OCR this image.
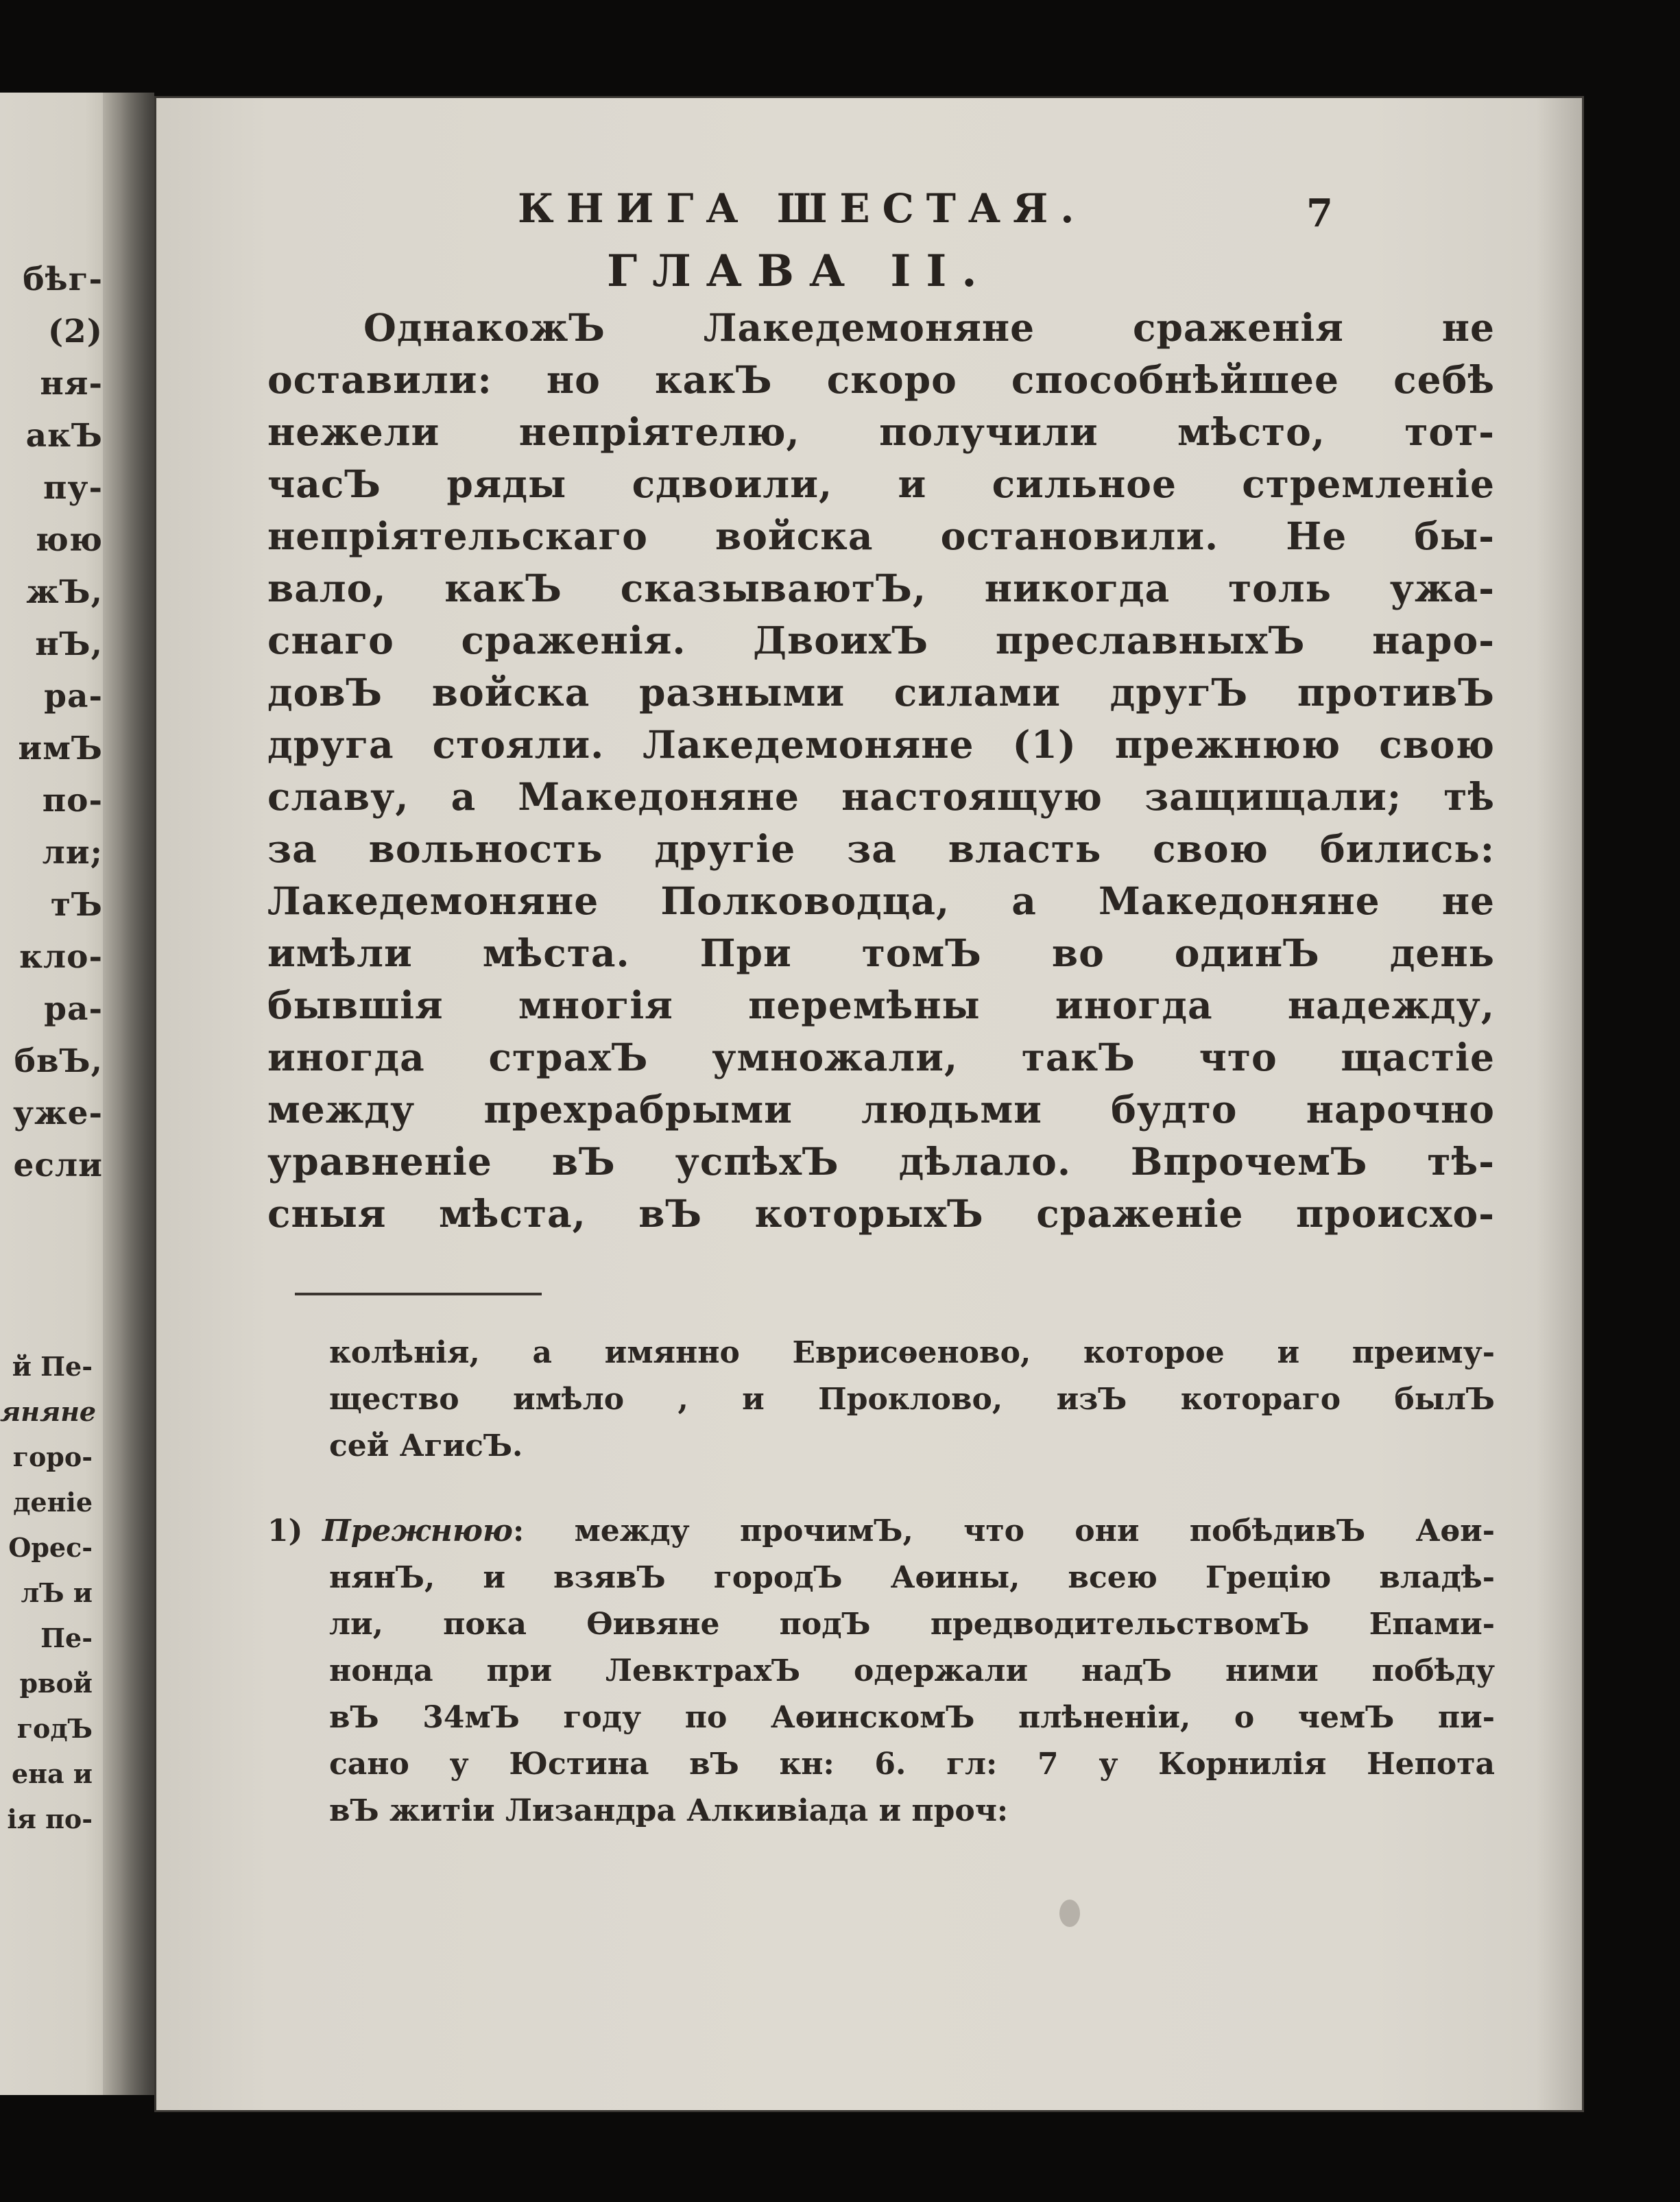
бѣг-
(2)
ня-
акЪ
пу-
юю
жЪ,
нЪ,
ра-
имЪ
по-
ли;
тЪ
кло-
ра-
бвЪ,
уже-
если
й Пе-
яняне
горо-
деніе
Орес-
лЪ и
Пе-
рвой
годЪ
ена и
ія по-
КНИГА ШЕСТАЯ.	7
ГЛАВА II.
ОднакожЪ Лакедемоняне сраженія не
оставили: но какЪ скоро способнѣйшее себѣ
нежели непріятелю, получили мѣсто, тот-
часЪ ряды сдвоили, и сильное стремленіе
непріятельскаго войска остановили. Не бы-
вало, какЪ сказываютЪ, никогда толь ужа-
снаго сраженія. ДвоихЪ преславныхЪ наро-
довЪ войска разными силами другЪ противЪ
друга стояли. Лакедемоняне (1) прежнюю свою
славу, а Македоняне настоящую защищали; тѣ
за вольность другіе за власть свою бились:
Лакедемоняне Полководца, а Македоняне не
имѣли мѣста. При томЪ во одинЪ день
бывшія многія перемѣны иногда надежду,
иногда страхЪ умножали, такЪ что щастіе
между прехрабрыми людьми будто нарочно
уравненіе вЪ успѣхЪ дѣлало. ВпрочемЪ тѣ-
сныя мѣста, вЪ которыхЪ сраженіе происхо-
колѣнія, а имянно Еврисѳеново, которое и преиму-
щество имѣло , и Проклово, изЪ котораго былЪ
сей АгисЪ.
1) Прежнюю: между прочимЪ, что они побѣдивЪ Аѳи-
нянЪ, и взявЪ городЪ Аѳины, всею Грецію владѣ-
ли, пока Ѳивяне подЪ предводительствомЪ Епами-
нонда при ЛевктрахЪ одержали надЪ ними побѣду
вЪ 34мЪ году по АѳинскомЪ плѣненіи, о чемЪ пи-
сано у Юстина вЪ кн: 6. гл: 7 у Корнилія Непота
вЪ житіи Лизандра Алкивіада и проч:
